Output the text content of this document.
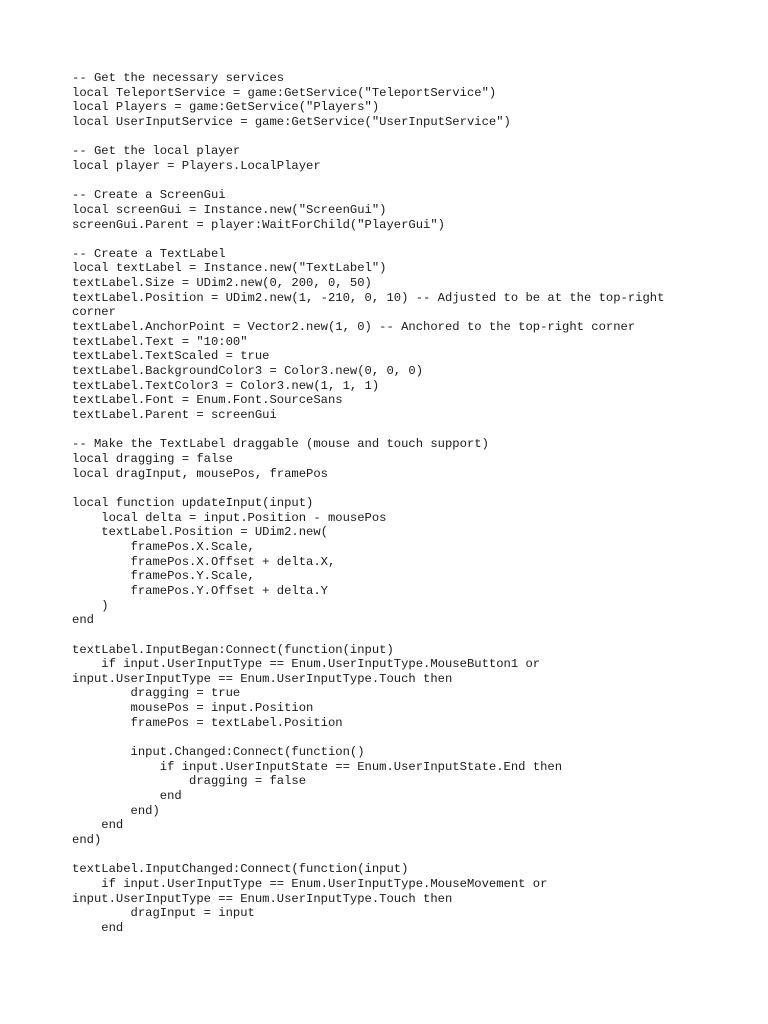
-- Get the necessary services
local TeleportService = game:GetService("TeleportService")
local Players = game:GetService("Players")
local UserInputService = game:GetService("UserInputService")
-- Get the local player
local player = Players.LocalPlayer
-- Create a ScreenGui
local screenGui = Instance.new("ScreenGui")
screenGui.Parent = player:WaitForChild("PlayerGui")
-- Create a TextLabel
local textLabel = Instance.new("TextLabel")
textLabel.Size = UDim2.new(0, 200, 0, 50)
textLabel.Position = UDim2.new(1, -210, 0, 10) -- Adjusted to be at the top-right
corner
textLabel.AnchorPoint = Vector2.new(1, 0) -- Anchored to the top-right corner
textLabel.Text = "10:00"
textLabel.TextScaled = true
textLabel.BackgroundColor3 = Color3.new(0, 0, 0)
textLabel.TextColor3 = Color3.new(1, 1, 1)
textLabel.Font = Enum.Font.SourceSans
textLabel.Parent = screenGui
-- Make the TextLabel draggable (mouse and touch support)
local dragging = false
local dragInput, mousePos, framePos
local function updateInput(input)
local delta = input.Position - mousePos
textLabel.Position = UDim2.new(
framePos.X.Scale,
framePos.X.Offset + delta.X,
framePos.Y.Scale,
framePos.Y.Offset + delta.Y
)
end
textLabel.InputBegan:Connect(function(input)
if input.UserInputType == Enum.UserInputType.MouseButton1 or
input.UserInputType == Enum.UserInputType.Touch then
dragging = true
mousePos = input.Position
framePos = textLabel.Position
input.Changed:Connect(function()
if input.UserInputState == Enum.UserInputState.End then
dragging = false
end
end)
end
end)
textLabel.InputChanged:Connect(function(input)
if input.UserInputType == Enum.UserInputType.MouseMovement or
input.UserInputType == Enum.UserInputType.Touch then
dragInput = input
end
